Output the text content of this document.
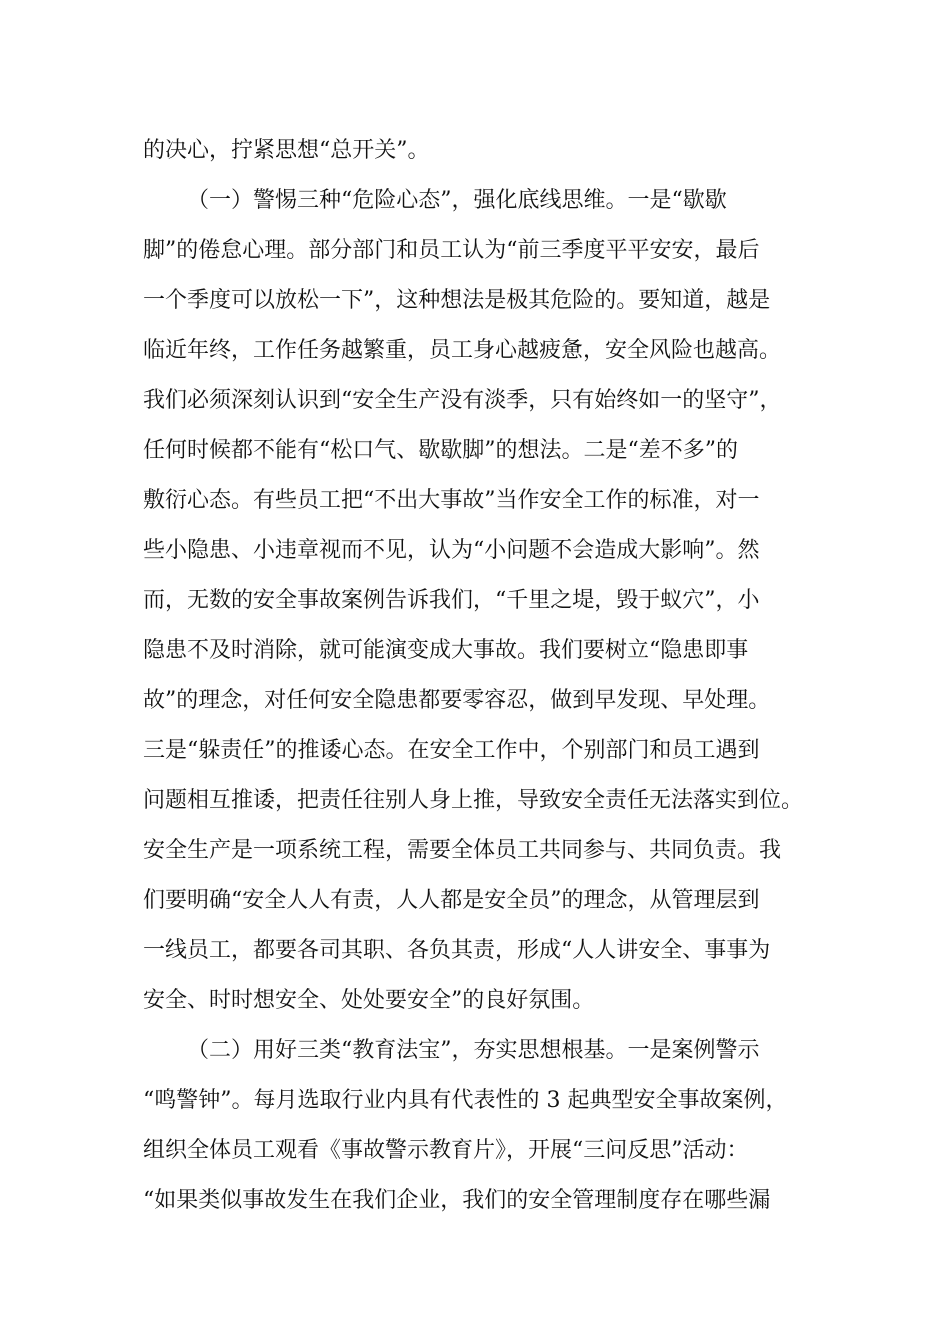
的决心，拧紧思想“总开关”。
（一）警惕三种“危险心态”，强化底线思维。一是“歇歇
脚”的倦怠心理。部分部门和员工认为“前三季度平平安安，最后
一个季度可以放松一下”，这种想法是极其危险的。要知道，越是
临近年终，工作任务越繁重，员工身心越疲惫，安全风险也越高。
我们必须深刻认识到“安全生产没有淡季，只有始终如一的坚守”，
任何时候都不能有“松口气、歇歇脚”的想法。二是“差不多”的
敷衍心态。有些员工把“不出大事故”当作安全工作的标准，对一
些小隐患、小违章视而不见，认为“小问题不会造成大影响”。然
而，无数的安全事故案例告诉我们，“千里之堤，毁于蚁穴”，小
隐患不及时消除，就可能演变成大事故。我们要树立“隐患即事
故”的理念，对任何安全隐患都要零容忍，做到早发现、早处理。
三是“躲责任”的推诿心态。在安全工作中，个别部门和员工遇到
问题相互推诿，把责任往别人身上推，导致安全责任无法落实到位。
安全生产是一项系统工程，需要全体员工共同参与、共同负责。我
们要明确“安全人人有责，人人都是安全员”的理念，从管理层到
一线员工，都要各司其职、各负其责，形成“人人讲安全、事事为
安全、时时想安全、处处要安全”的良好氛围。
（二）用好三类“教育法宝”，夯实思想根基。一是案例警示
“鸣警钟”。每月选取行业内具有代表性的 3 起典型安全事故案例，
组织全体员工观看《事故警示教育片》，开展“三问反思”活动：
“如果类似事故发生在我们企业，我们的安全管理制度存在哪些漏
